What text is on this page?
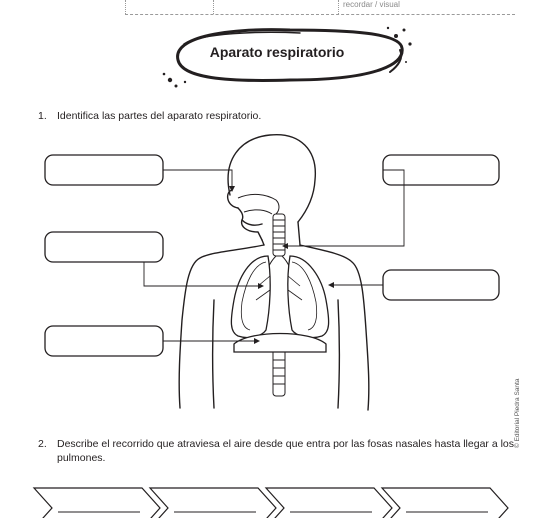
recordar / visual
Aparato respiratorio
1. Identifica las partes del aparato respiratorio.
2. Describe el recorrido que atraviesa el aire desde que entra por las fosas nasales hasta llegar a los pulmones.
© Editorial Piedra Santa
